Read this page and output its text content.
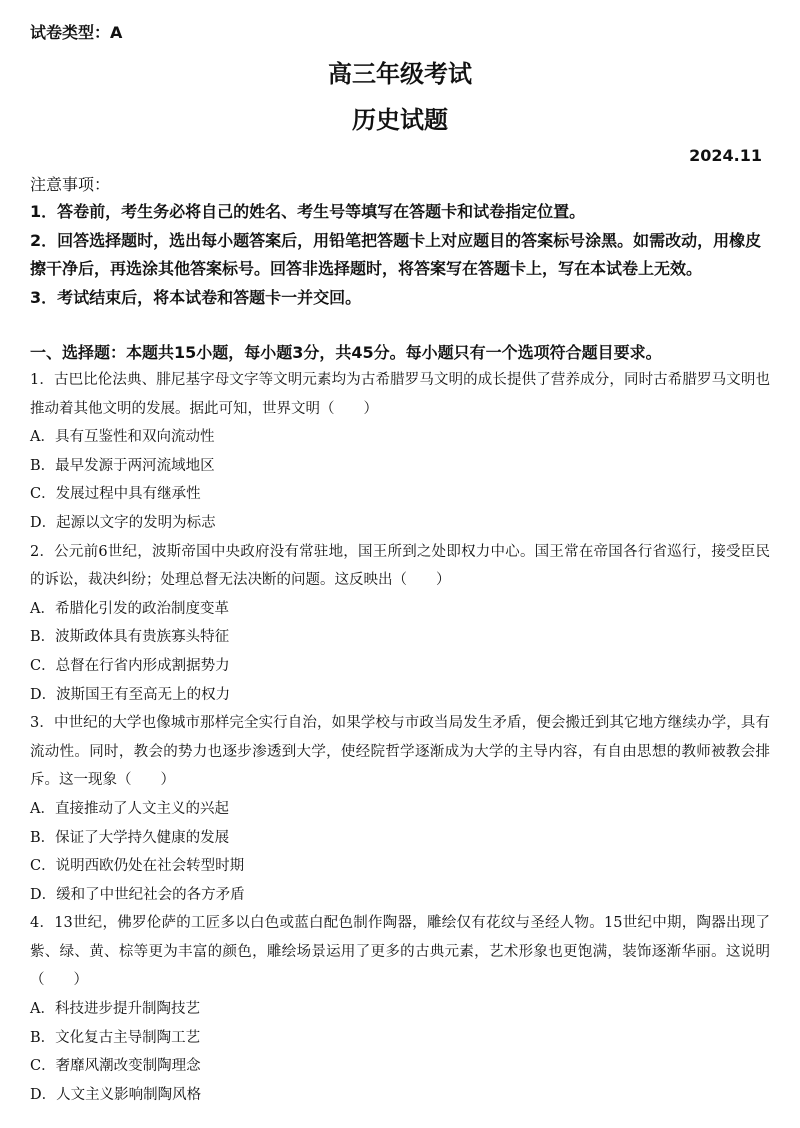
试卷类型：A
高三年级考试
历史试题
2024.11
注意事项：

1．答卷前，考生务必将自己的姓名、考生号等填写在答题卡和试卷指定位置。

2．回答选择题时，选出每小题答案后，用铅笔把答题卡上对应题目的答案标号涂黑。如需改动，用橡皮擦干净后，再选涂其他答案标号。回答非选择题时，将答案写在答题卡上，写在本试卷上无效。

3．考试结束后，将本试卷和答题卡一并交回。

一、选择题：本题共15小题，每小题3分，共45分。每小题只有一个选项符合题目要求。

1．古巴比伦法典、腓尼基字母文字等文明元素均为古希腊罗马文明的成长提供了营养成分，同时古希腊罗马文明也推动着其他文明的发展。据此可知，世界文明（　　）

A．具有互鉴性和双向流动性

B．最早发源于两河流域地区

C．发展过程中具有继承性

D．起源以文字的发明为标志

2．公元前6世纪，波斯帝国中央政府没有常驻地，国王所到之处即权力中心。国王常在帝国各行省巡行，接受臣民的诉讼，裁决纠纷；处理总督无法决断的问题。这反映出（　　）

A．希腊化引发的政治制度变革

B．波斯政体具有贵族寡头特征

C．总督在行省内形成割据势力

D．波斯国王有至高无上的权力

3．中世纪的大学也像城市那样完全实行自治，如果学校与市政当局发生矛盾，便会搬迁到其它地方继续办学，具有流动性。同时，教会的势力也逐步渗透到大学，使经院哲学逐渐成为大学的主导内容，有自由思想的教师被教会排斥。这一现象（　　）

A．直接推动了人文主义的兴起

B．保证了大学持久健康的发展

C．说明西欧仍处在社会转型时期

D．缓和了中世纪社会的各方矛盾

4．13世纪，佛罗伦萨的工匠多以白色或蓝白配色制作陶器，雕绘仅有花纹与圣经人物。15世纪中期，陶器出现了紫、绿、黄、棕等更为丰富的颜色，雕绘场景运用了更多的古典元素，艺术形象也更饱满，装饰逐渐华丽。这说明（　　）

A．科技进步提升制陶技艺

B．文化复古主导制陶工艺

C．奢靡风潮改变制陶理念

D．人文主义影响制陶风格
